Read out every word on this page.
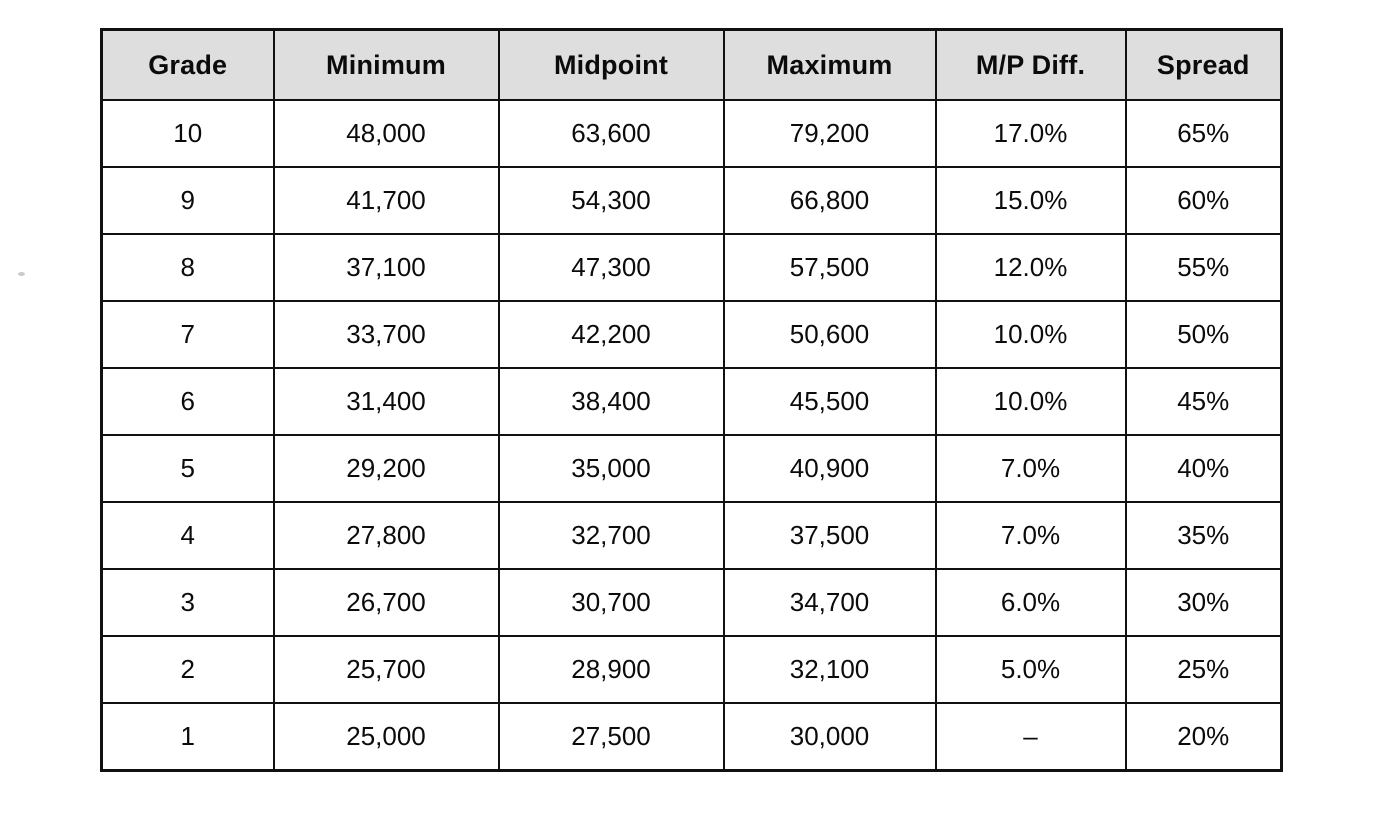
Grade	Minimum	Midpoint	Maximum	M/P Diff.	Spread
10	48,000	63,600	79,200	17.0%	65%
9	41,700	54,300	66,800	15.0%	60%
8	37,100	47,300	57,500	12.0%	55%
7	33,700	42,200	50,600	10.0%	50%
6	31,400	38,400	45,500	10.0%	45%
5	29,200	35,000	40,900	7.0%	40%
4	27,800	32,700	37,500	7.0%	35%
3	26,700	30,700	34,700	6.0%	30%
2	25,700	28,900	32,100	5.0%	25%
1	25,000	27,500	30,000	–	20%
